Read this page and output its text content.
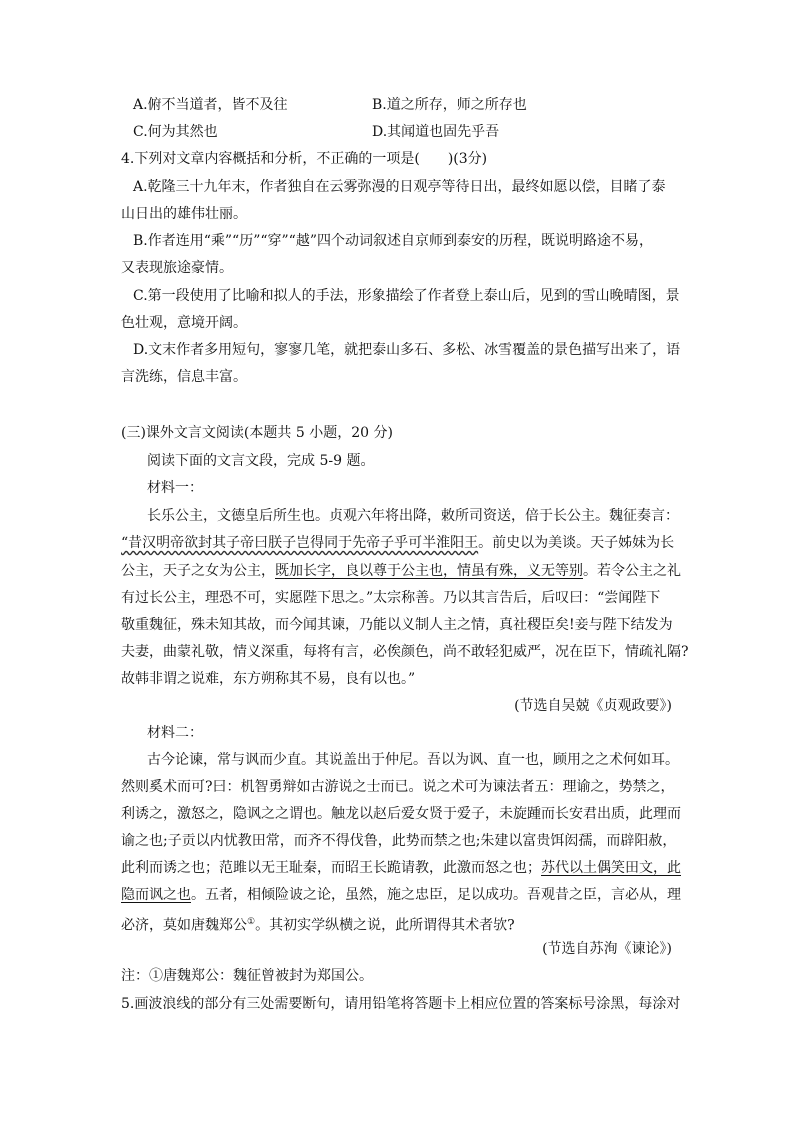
A.俯不当道者，皆不及往	B.道之所存，师之所存也
C.何为其然也	D.其闻道也固先乎吾
4.下列对文章内容概括和分析，不正确的一项是(　　)(3分)
A.乾隆三十九年末，作者独自在云雾弥漫的日观亭等待日出，最终如愿以偿，目睹了泰
山日出的雄伟壮丽。
B.作者连用“乘”“历”“穿”“越”四个动词叙述自京师到泰安的历程，既说明路途不易，
又表现旅途豪情。
C.第一段使用了比喻和拟人的手法，形象描绘了作者登上泰山后，见到的雪山晚晴图，景
色壮观，意境开阔。
D.文末作者多用短句，寥寥几笔，就把泰山多石、多松、冰雪覆盖的景色描写出来了，语
言洗练，信息丰富。
(三)课外文言文阅读(本题共 5 小题，20 分)
阅读下面的文言文段，完成 5-9 题。
材料一：
长乐公主，文德皇后所生也。贞观六年将出降，敕所司资送，倍于长公主。魏征奏言：
“昔汉明帝欲封其子帝曰朕子岂得同于先帝子乎可半淮阳王。前史以为美谈。天子姊妹为长
公主，天子之女为公主，既加长字，良以尊于公主也，情虽有殊，义无等别。若令公主之礼
有过长公主，理恐不可，实愿陛下思之。”太宗称善。乃以其言告后，后叹曰：“尝闻陛下
敬重魏征，殊未知其故，而今闻其谏，乃能以义制人主之情，真社稷臣矣!妾与陛下结发为
夫妻，曲蒙礼敬，情义深重，每将有言，必俟颜色，尚不敢轻犯威严，况在臣下，情疏礼隔?
故韩非谓之说难，东方朔称其不易，良有以也。”
(节选自吴兢《贞观政要》)
材料二：
古今论谏，常与讽而少直。其说盖出于仲尼。吾以为讽、直一也，顾用之之术何如耳。
然则奚术而可?曰：机智勇辩如古游说之士而已。说之术可为谏法者五：理谕之，势禁之，
利诱之，激怒之，隐讽之之谓也。触龙以赵后爱女贤于爱子，未旋踵而长安君出质，此理而
谕之也;子贡以内忧教田常，而齐不得伐鲁，此势而禁之也;朱建以富贵饵闳孺，而辟阳赦，
此利而诱之也；范雎以无王耻秦，而昭王长跪请教，此激而怒之也；苏代以土偶笑田文，此
隐而讽之也。五者，相倾险诐之论，虽然，施之忠臣，足以成功。吾观昔之臣，言必从，理
必济，莫如唐魏郑公①。其初实学纵横之说，此所谓得其术者欤?
(节选自苏洵《谏论》)
注：①唐魏郑公：魏征曾被封为郑国公。
5.画波浪线的部分有三处需要断句，请用铅笔将答题卡上相应位置的答案标号涂黑，每涂对
